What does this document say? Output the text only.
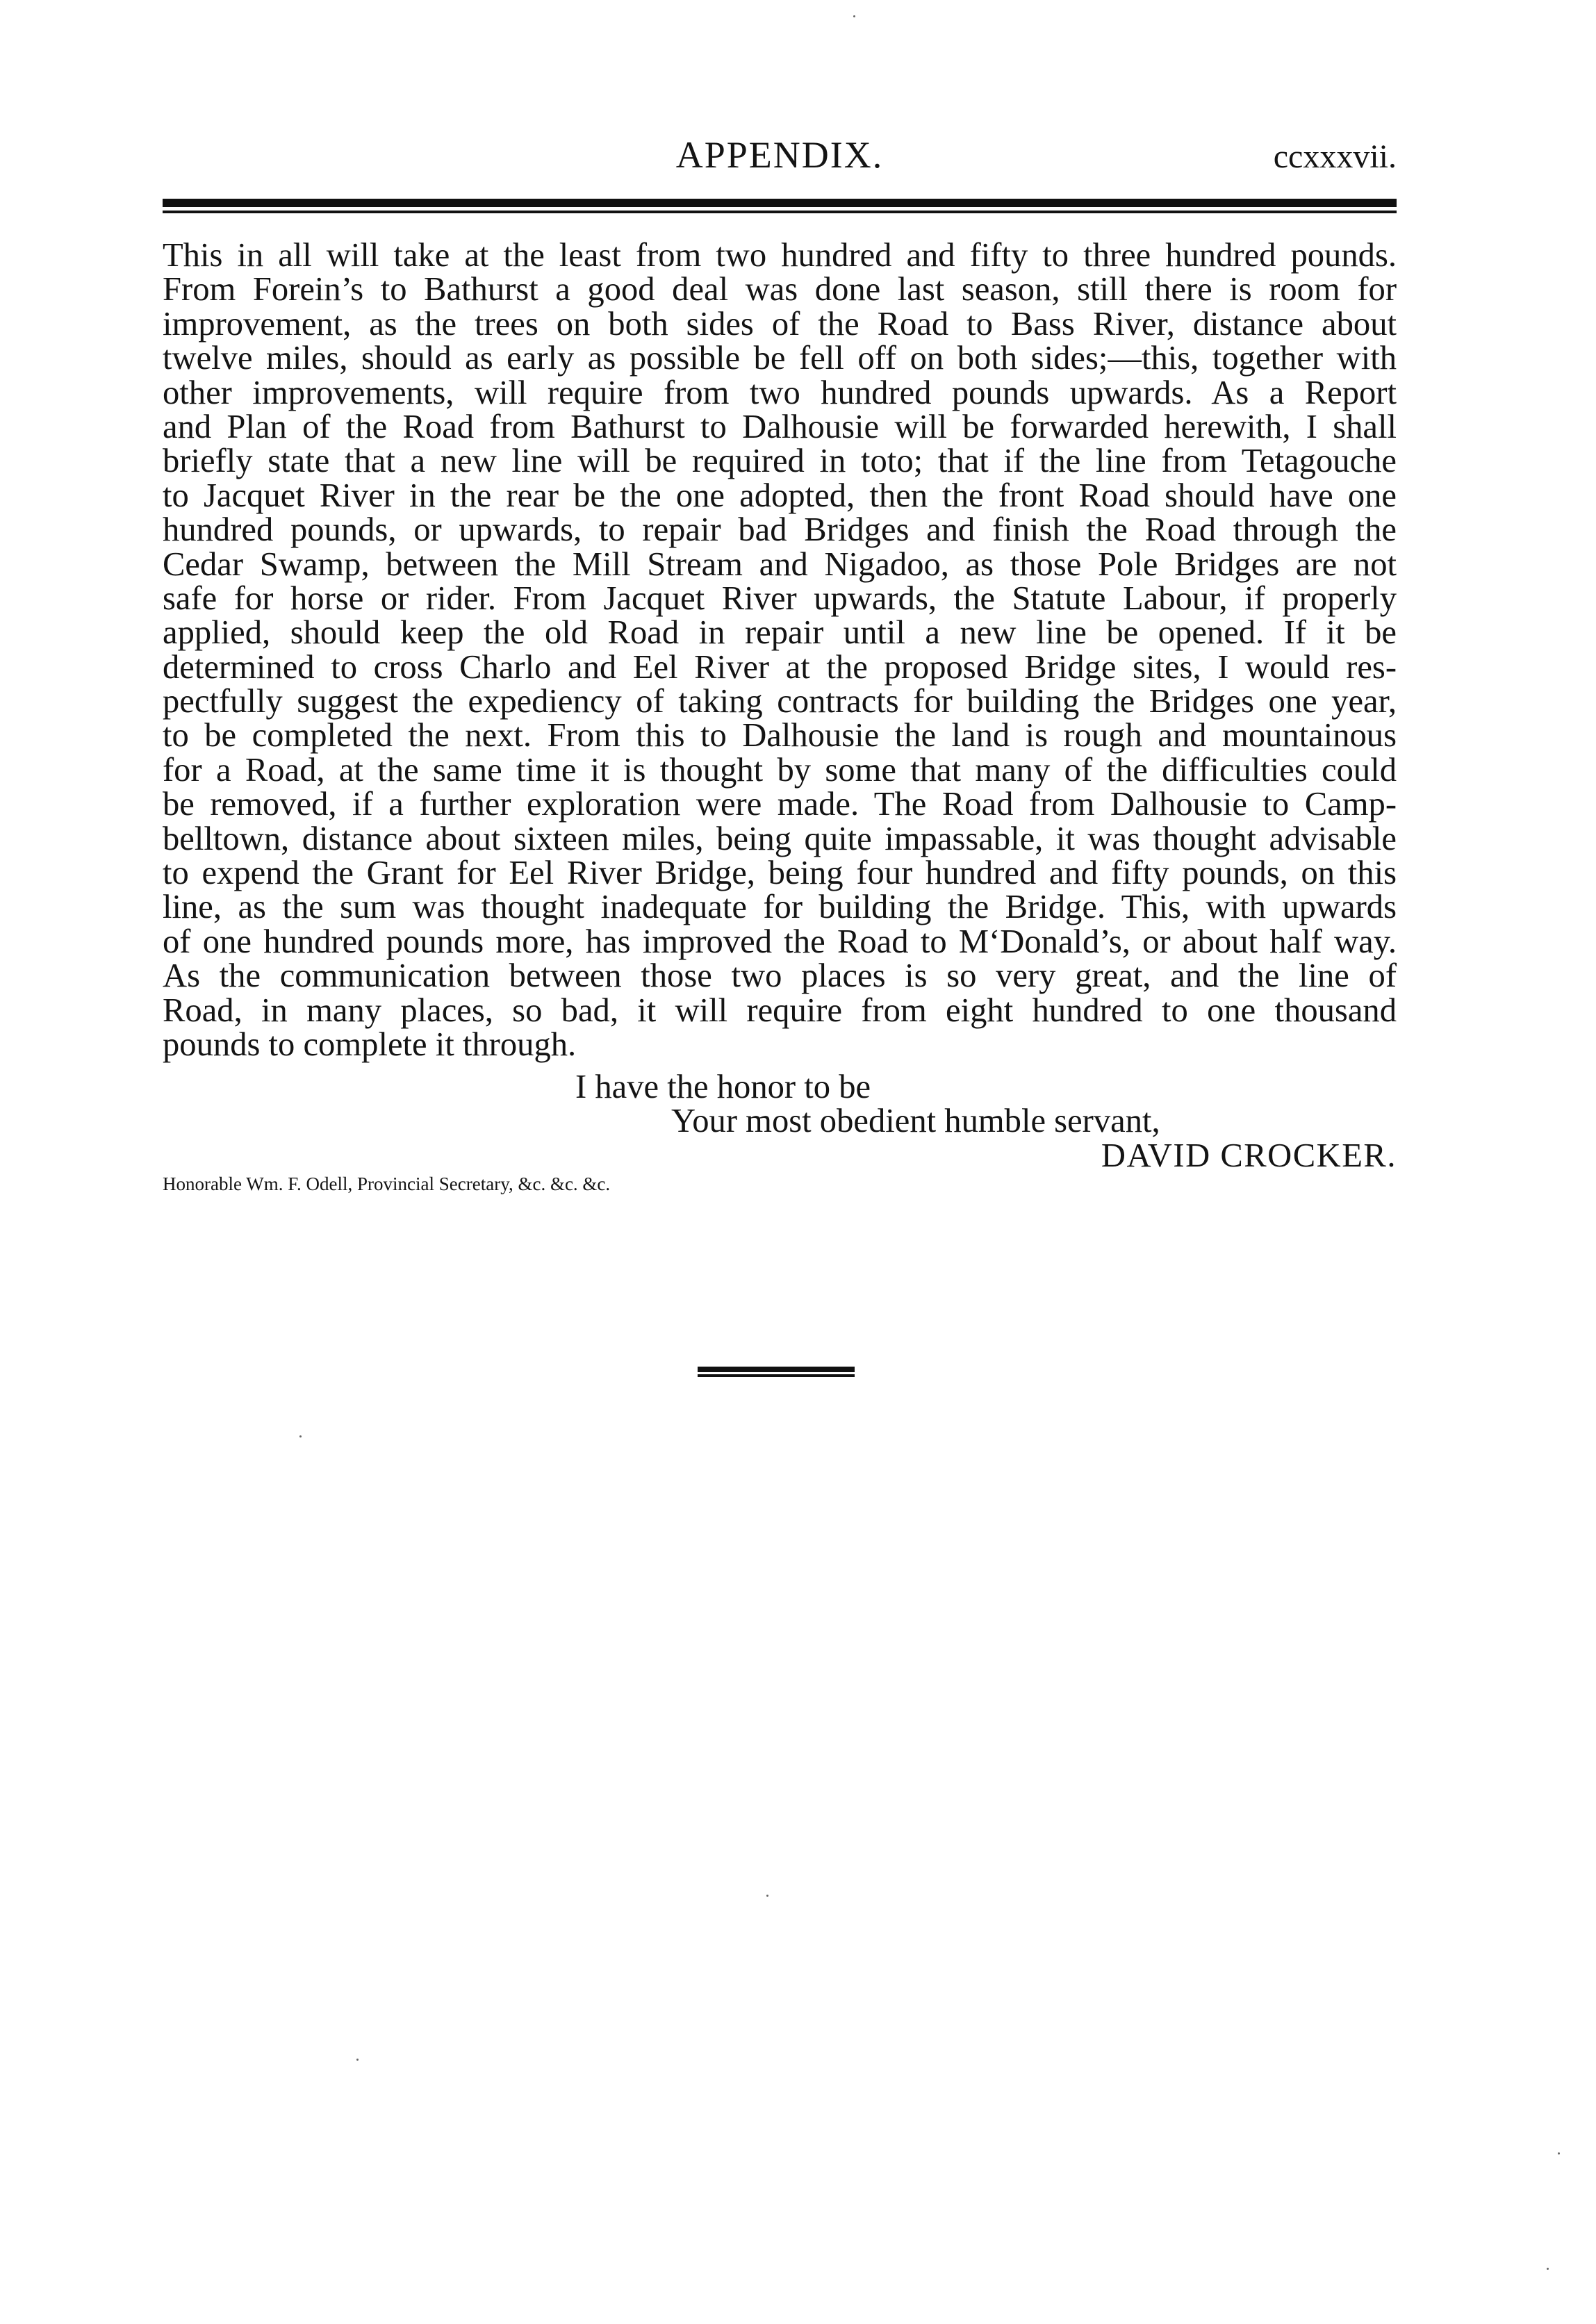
APPENDIX.	ccxxxvii.
This in all will take at the least from two hundred and fifty to three hundred pounds.
From Forein’s to Bathurst a good deal was done last season, still there is room for
improvement, as the trees on both sides of the Road to Bass River, distance about
twelve miles, should as early as possible be fell off on both sides;—this, together with
other improvements, will require from two hundred pounds upwards. As a Report
and Plan of the Road from Bathurst to Dalhousie will be forwarded herewith, I shall
briefly state that a new line will be required in toto; that if the line from Tetagouche
to Jacquet River in the rear be the one adopted, then the front Road should have one
hundred pounds, or upwards, to repair bad Bridges and finish the Road through the
Cedar Swamp, between the Mill Stream and Nigadoo, as those Pole Bridges are not
safe for horse or rider. From Jacquet River upwards, the Statute Labour, if properly
applied, should keep the old Road in repair until a new line be opened. If it be
determined to cross Charlo and Eel River at the proposed Bridge sites, I would res-
pectfully suggest the expediency of taking contracts for building the Bridges one year,
to be completed the next. From this to Dalhousie the land is rough and mountainous
for a Road, at the same time it is thought by some that many of the difficulties could
be removed, if a further exploration were made. The Road from Dalhousie to Camp-
belltown, distance about sixteen miles, being quite impassable, it was thought advisable
to expend the Grant for Eel River Bridge, being four hundred and fifty pounds, on this
line, as the sum was thought inadequate for building the Bridge. This, with upwards
of one hundred pounds more, has improved the Road to M‘Donald’s, or about half way.
As the communication between those two places is so very great, and the line of
Road, in many places, so bad, it will require from eight hundred to one thousand
pounds to complete it through.
I have the honor to be
Your most obedient humble servant,
DAVID CROCKER.
Honorable Wm. F. Odell, Provincial Secretary, &c. &c. &c.
